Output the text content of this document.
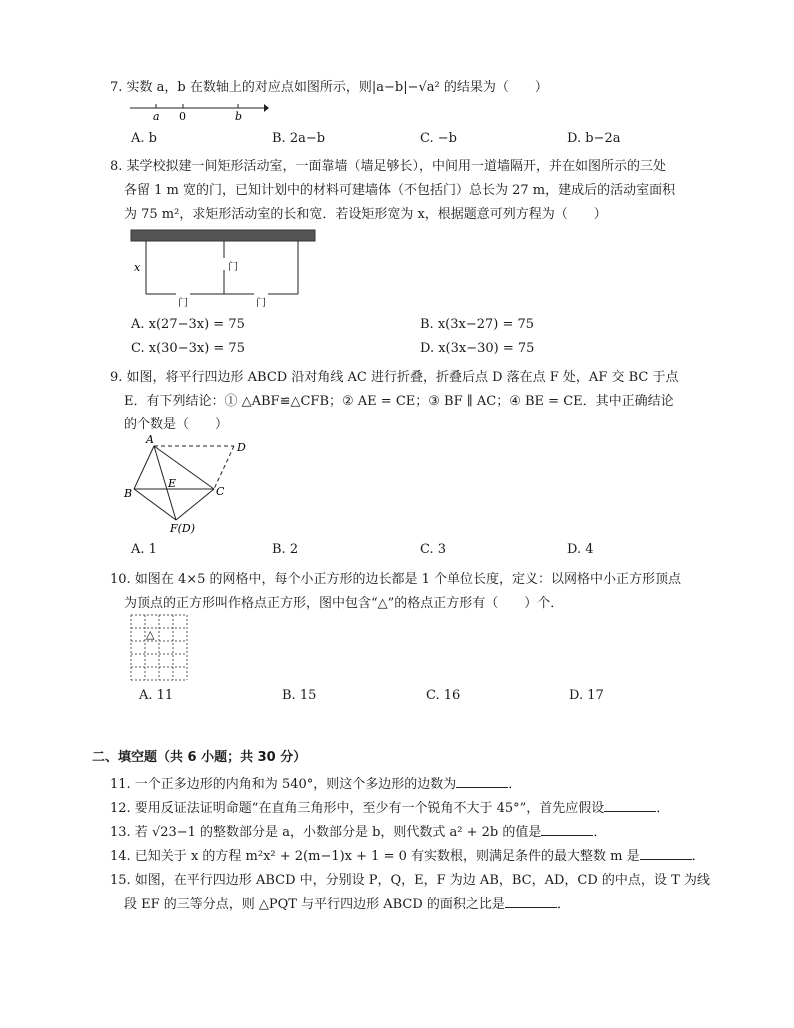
7. 实数 a，b 在数轴上的对应点如图所示，则|a−b|−√a² 的结果为（　　）
a 0	b
A. b	B. 2a−b	C. −b	D. b−2a
8. 某学校拟建一间矩形活动室，一面靠墙（墙足够长），中间用一道墙隔开，并在如图所示的三处
各留 1 m 宽的门，已知计划中的材料可建墙体（不包括门）总长为 27 m，建成后的活动室面积
为 75 m²，求矩形活动室的长和宽．若设矩形宽为 x，根据题意可列方程为（　　）
x	门
门	门
A. x(27−3x) = 75	B. x(3x−27) = 75
C. x(30−3x) = 75	D. x(3x−30) = 75
9. 如图，将平行四边形 ABCD 沿对角线 AC 进行折叠，折叠后点 D 落在点 F 处，AF 交 BC 于点
E．有下列结论：① △ABF≌△CFB；② AE = CE；③ BF ∥ AC；④ BE = CE．其中正确结论
的个数是（　　）
A
D
B	C
E
F(D)
A. 1	B. 2	C. 3	D. 4
10. 如图在 4×5 的网格中，每个小正方形的边长都是 1 个单位长度，定义：以网格中小正方形顶点
为顶点的正方形叫作格点正方形，图中包含“△”的格点正方形有（　　）个．
△
A. 11	B. 15	C. 16	D. 17
二、填空题（共 6 小题；共 30 分）
11. 一个正多边形的内角和为 540°，则这个多边形的边数为	．
12. 要用反证法证明命题“在直角三角形中，至少有一个锐角不大于 45°”，首先应假设	．
13. 若 √23−1 的整数部分是 a，小数部分是 b，则代数式 a² + 2b 的值是	．
14. 已知关于 x 的方程 m²x² + 2(m−1)x + 1 = 0 有实数根，则满足条件的最大整数 m 是	．
15. 如图，在平行四边形 ABCD 中，分别设 P，Q，E，F 为边 AB，BC，AD，CD 的中点，设 T 为线
段 EF 的三等分点，则 △PQT 与平行四边形 ABCD 的面积之比是	．
